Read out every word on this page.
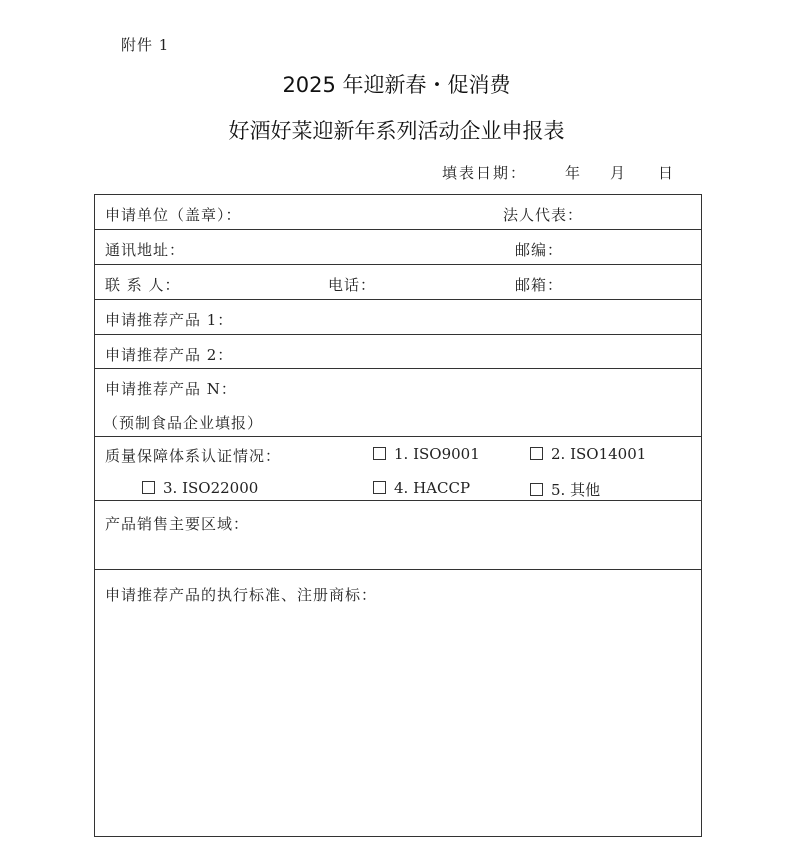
附件 1
2025 年迎新春・促消费
好酒好菜迎新年系列活动企业申报表
填表日期：	年 月 日
申请单位（盖章）：	法人代表：
通讯地址：	邮编：
联 系 人：	电话：	邮箱：
申请推荐产品 1：
申请推荐产品 2：
申请推荐产品 N：
（预制食品企业填报）
质量保障体系认证情况：	1. ISO9001	2. ISO14001
3. ISO22000	4. HACCP	5. 其他
产品销售主要区域：
申请推荐产品的执行标准、注册商标：
